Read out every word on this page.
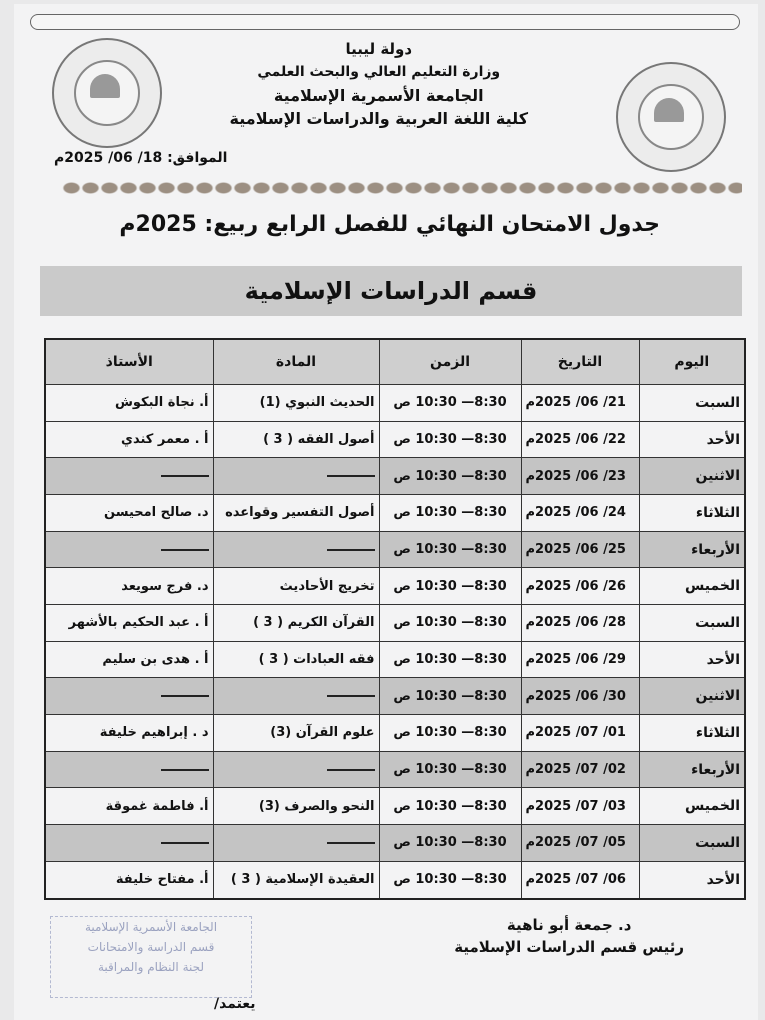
دولة ليبيا
وزارة التعليم العالي والبحث العلمي
الجامعة الأسمرية الإسلامية
كلية اللغة العربية والدراسات الإسلامية
الموافق: 18/ 06/ 2025م
جدول الامتحان النهائي للفصل الرابع ربيع: 2025م
قسم الدراسات الإسلامية
اليوم	التاريخ	الزمن	المادة	الأستاذ
السبت	21/ 06/ 2025م	8:30— 10:30 ص	الحديث النبوي (1)	أ. نجاة البكوش
الأحد	22/ 06/ 2025م	8:30— 10:30 ص	أصول الفقه ( 3 )	أ . معمر كندي
الاثنين	23/ 06/ 2025م	8:30— 10:30 ص		
الثلاثاء	24/ 06/ 2025م	8:30— 10:30 ص	أصول التفسير وقواعده	د. صالح امحيسن
الأربعاء	25/ 06/ 2025م	8:30— 10:30 ص		
الخميس	26/ 06/ 2025م	8:30— 10:30 ص	تخريج الأحاديث	د. فرج سويعد
السبت	28/ 06/ 2025م	8:30— 10:30 ص	القرآن الكريم ( 3 )	أ . عبد الحكيم بالأشهر
الأحد	29/ 06/ 2025م	8:30— 10:30 ص	فقه العبادات ( 3 )	أ . هدى بن سليم
الاثنين	30/ 06/ 2025م	8:30— 10:30 ص		
الثلاثاء	01/ 07/ 2025م	8:30— 10:30 ص	علوم القرآن (3)	د . إبراهيم خليفة
الأربعاء	02/ 07/ 2025م	8:30— 10:30 ص		
الخميس	03/ 07/ 2025م	8:30— 10:30 ص	النحو والصرف (3)	أ. فاطمة غموقة
السبت	05/ 07/ 2025م	8:30— 10:30 ص		
الأحد	06/ 07/ 2025م	8:30— 10:30 ص	العقيدة الإسلامية ( 3 )	أ. مفتاح خليفة
الجامعة الأسمرية الإسلامية
قسم الدراسة والامتحانات
لجنة النظام والمراقبة
يعتمد/
د. جمعة أبو ناهية
رئيس قسم الدراسات الإسلامية
